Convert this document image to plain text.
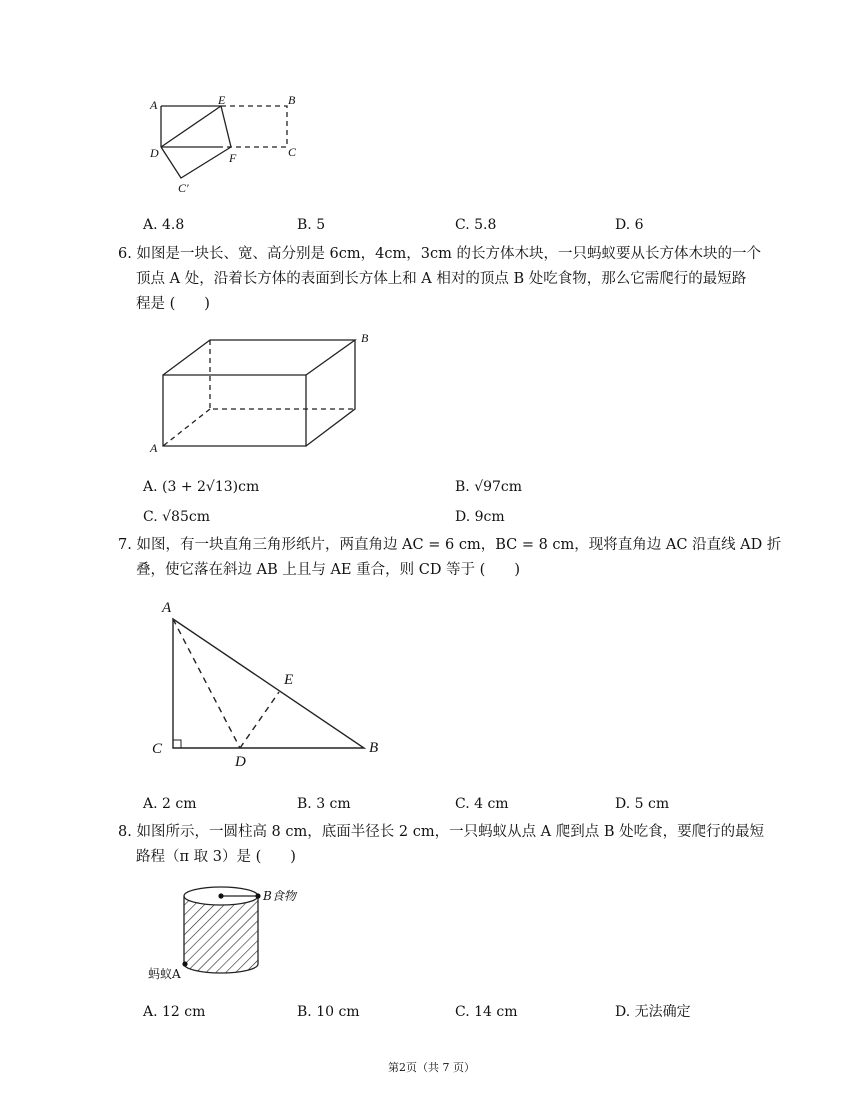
A	E	B
D	F	C
C′
A. 4.8	B. 5	C. 5.8	D. 6
6. 如图是一块长、宽、高分别是 6cm，4cm，3cm 的长方体木块，一只蚂蚁要从长方体木块的一个
顶点 A 处，沿着长方体的表面到长方体上和 A 相对的顶点 B 处吃食物，那么它需爬行的最短路
程是 (　　)
A
B
A. (3 + 2√13)cm	B. √97cm
C. √85cm	D. 9cm
7. 如图，有一块直角三角形纸片，两直角边 AC = 6 cm，BC = 8 cm，现将直角边 AC 沿直线 AD 折
叠，使它落在斜边 AB 上且与 AE 重合，则 CD 等于 (　　)
A
E
C
D
B
A. 2 cm	B. 3 cm	C. 4 cm	D. 5 cm
8. 如图所示，一圆柱高 8 cm，底面半径长 2 cm，一只蚂蚁从点 A 爬到点 B 处吃食，要爬行的最短
路程（π 取 3）是 (　　)
B食物
蚂蚁A
A. 12 cm	B. 10 cm	C. 14 cm	D. 无法确定
第2页（共 7 页）
